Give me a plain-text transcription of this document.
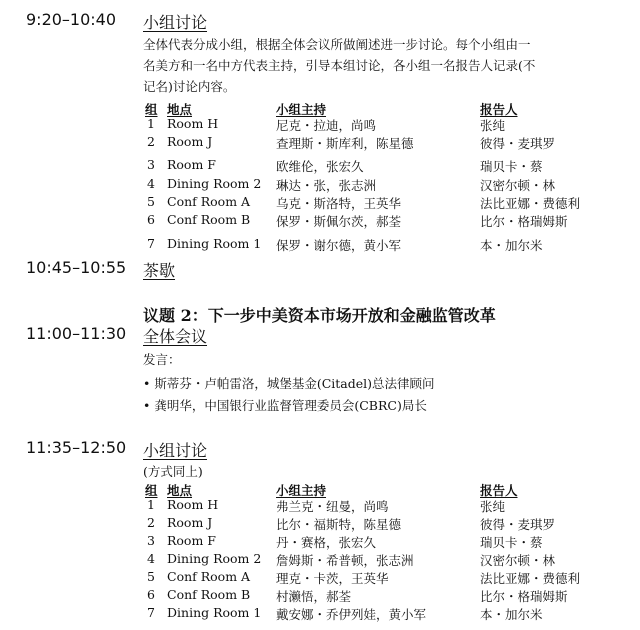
9:20–10:40 小组讨论
全体代表分成小组，根据全体会议所做阐述进一步讨论。每个小组由一
名美方和一名中方代表主持，引导本组讨论，各小组一名报告人记录(不
记名)讨论内容。
组 地点	小组主持	报告人
1 Room H	尼克・拉迪，尚鸣	张纯
2 Room J	查理斯・斯库利，陈星德	彼得・麦琪罗
3 Room F	欧维伦，张宏久	瑞贝卡・蔡
4 Dining Room 2 琳达・张，张志洲	汉密尔顿・林
5 Conf Room A 乌克・斯洛特，王英华	法比亚娜・费德利
6 Conf Room B 保罗・斯佩尔茨，郝荃	比尔・格瑞姆斯
7 Dining Room 1 保罗・谢尔德，黄小军	本・加尔米
10:45–10:55 茶歇
议题 2：下一步中美资本市场开放和金融监管改革
11:00–11:30 全体会议
发言：
• 斯蒂芬・卢帕雷洛，城堡基金(Citadel)总法律顾问
• 龚明华，中国银行业监督管理委员会(CBRC)局长
11:35–12:50 小组讨论
(方式同上)
组 地点	小组主持	报告人
1 Room H	弗兰克・纽曼，尚鸣	张纯
2 Room J	比尔・福斯特，陈星德	彼得・麦琪罗
3 Room F	丹・赛格，张宏久	瑞贝卡・蔡
4 Dining Room 2 詹姆斯・希普顿，张志洲	汉密尔顿・林
5 Conf Room A 理克・卡茨，王英华	法比亚娜・费德利
6 Conf Room B 村濑悟，郝荃	比尔・格瑞姆斯
7 Dining Room 1 戴安娜・乔伊列娃，黄小军	本・加尔米
